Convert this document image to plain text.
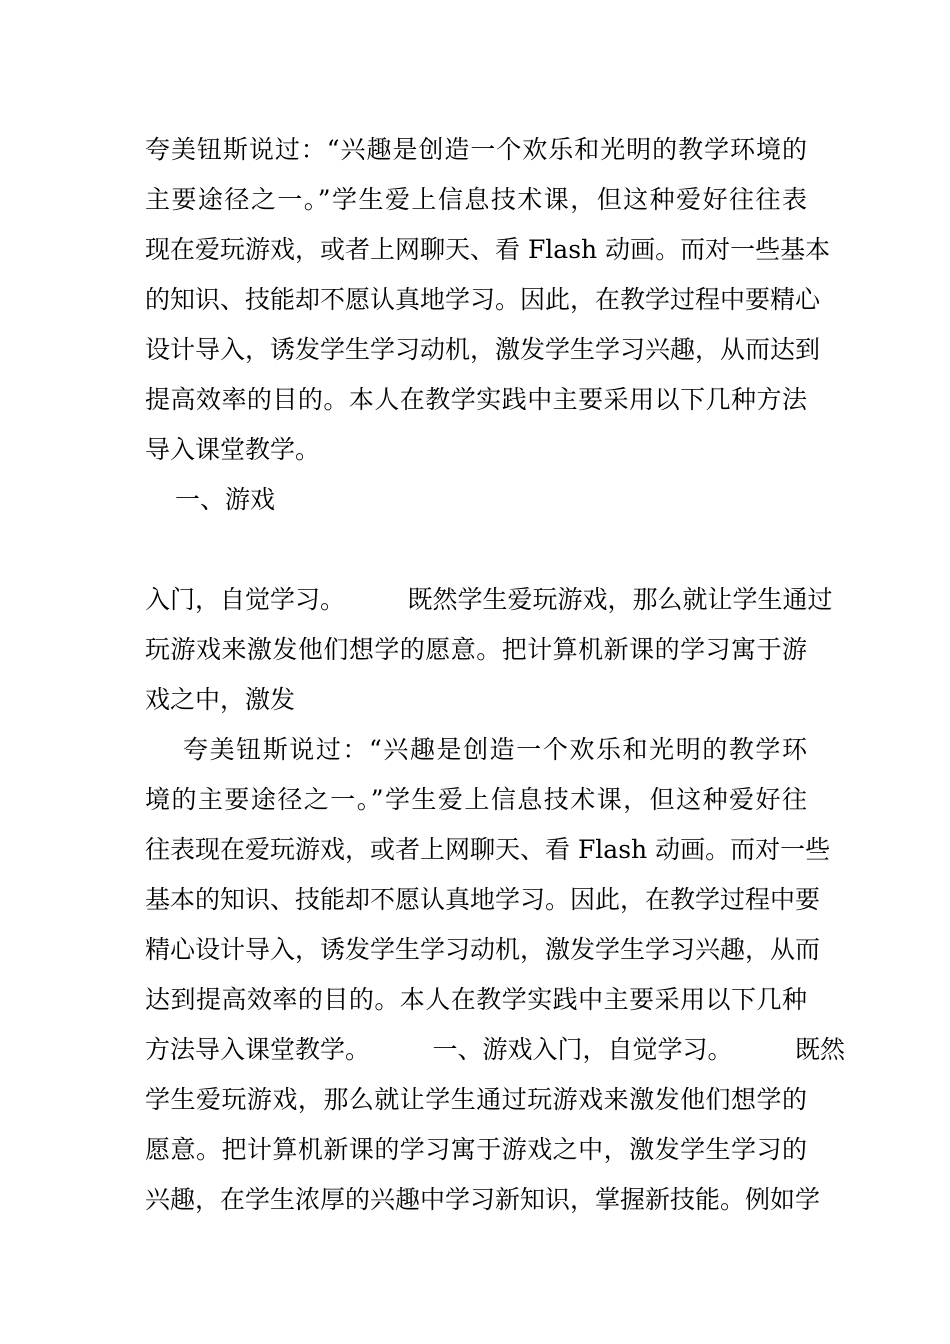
夸美钮斯说过：“兴趣是创造一个欢乐和光明的教学环境的
主要途径之一。”学生爱上信息技术课，但这种爱好往往表
现在爱玩游戏，或者上网聊天、看 Flash 动画。而对一些基本
的知识、技能却不愿认真地学习。因此，在教学过程中要精心
设计导入，诱发学生学习动机，激发学生学习兴趣，从而达到
提高效率的目的。本人在教学实践中主要采用以下几种方法
导入课堂教学。
一、游戏
入门，自觉学习。　　　既然学生爱玩游戏，那么就让学生通过
玩游戏来激发他们想学的愿意。把计算机新课的学习寓于游
戏之中，激发
夸美钮斯说过：“兴趣是创造一个欢乐和光明的教学环
境的主要途径之一。”学生爱上信息技术课，但这种爱好往
往表现在爱玩游戏，或者上网聊天、看 Flash 动画。而对一些
基本的知识、技能却不愿认真地学习。因此，在教学过程中要
精心设计导入，诱发学生学习动机，激发学生学习兴趣，从而
达到提高效率的目的。本人在教学实践中主要采用以下几种
方法导入课堂教学。　　　一、游戏入门，自觉学习。　　　既然
学生爱玩游戏，那么就让学生通过玩游戏来激发他们想学的
愿意。把计算机新课的学习寓于游戏之中，激发学生学习的
兴趣，在学生浓厚的兴趣中学习新知识，掌握新技能。例如学
